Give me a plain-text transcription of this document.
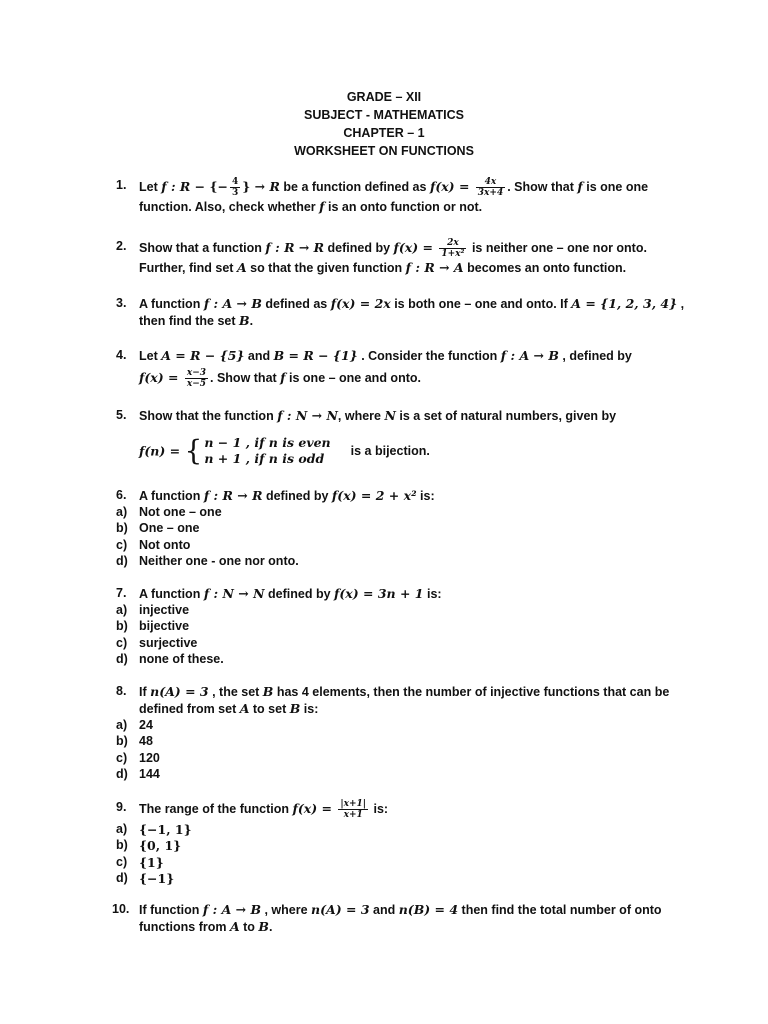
GRADE – XII
SUBJECT - MATHEMATICS
CHAPTER – 1
WORKSHEET ON FUNCTIONS
1. Let f : R − {− $\frac{4}{3}$ } → R be a function defined as $f(x) = \frac{4x}{3x+4}$ . Show that f is one one
function. Also, check whether f is an onto function or not.
2. Show that a function f : R → R defined by $f(x) = \frac{2x}{\text{1+x²}}$ is neither one – one nor onto.
Further, find set A so that the given function f : R → A becomes an onto function.
3. A function f : A → B defined as f(x) = 2x is both one – one and onto. If A = {1, 2, 3, 4} ,
then find the set B.
4. Let A = R − {5} and B = R − {1} . Consider the function f : A → B , defined by
$f(x) = \frac{x-3}{x-5}$ . Show that f is one – one and onto.
5. Show that the function f : N → N, where N is a set of natural numbers, given by
f(n) = { n − 1 , if n is even
n + 1 , if n is odd
is a bijection.
6. A function f : R → R defined by f(x) = 2 + x² is:
a) Not one – one
b) One – one
c) Not onto
d) Neither one - one nor onto.
7. A function f : N → N defined by f(x) = 3n + 1 is:
a) injective
b) bijective
c) surjective
d) none of these.
8. If n(A) = 3 , the set B has 4 elements, then the number of injective functions that can be
defined from set A to set B is:
a) 24
b) 48
c) 120
d) 144
9. The range of the function $f(x) = \frac{|x+1|}{x+1}$ is:
a) {−1, 1}
b) {0, 1}
c) {1}
d) {−1}
10. If function f : A → B , where n(A) = 3 and n(B) = 4 then find the total number of onto
functions from A to B.
